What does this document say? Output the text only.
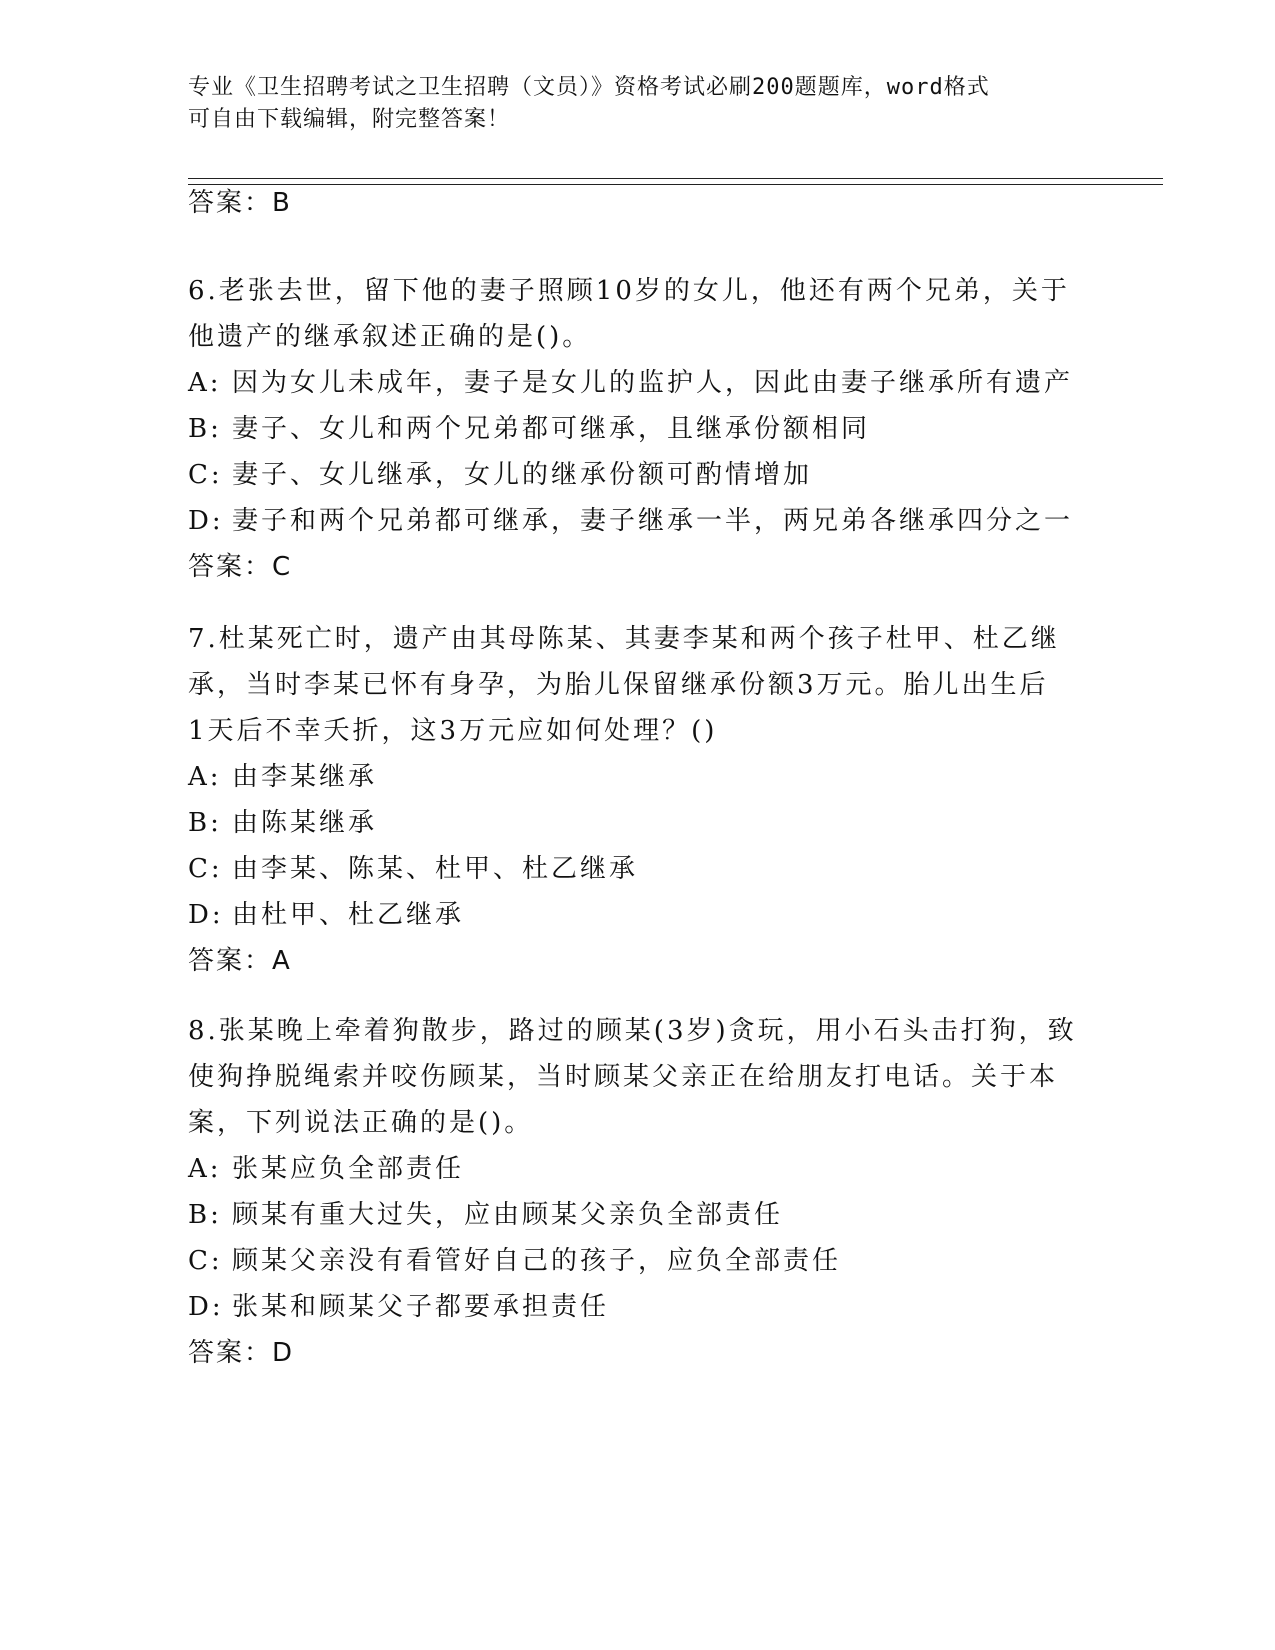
专业《卫生招聘考试之卫生招聘（文员）》资格考试必刷200题题库，word格式
可自由下载编辑，附完整答案！
答案：B
6.老张去世，留下他的妻子照顾10岁的女儿，他还有两个兄弟，关于
他遗产的继承叙述正确的是()。
A: 因为女儿未成年，妻子是女儿的监护人，因此由妻子继承所有遗产
B: 妻子、女儿和两个兄弟都可继承，且继承份额相同
C: 妻子、女儿继承，女儿的继承份额可酌情增加
D: 妻子和两个兄弟都可继承，妻子继承一半，两兄弟各继承四分之一
答案：C
7.杜某死亡时，遗产由其母陈某、其妻李某和两个孩子杜甲、杜乙继
承，当时李某已怀有身孕，为胎儿保留继承份额3万元。胎儿出生后
1天后不幸夭折，这3万元应如何处理？()
A: 由李某继承
B: 由陈某继承
C: 由李某、陈某、杜甲、杜乙继承
D: 由杜甲、杜乙继承
答案：A
8.张某晚上牵着狗散步，路过的顾某(3岁)贪玩，用小石头击打狗，致
使狗挣脱绳索并咬伤顾某，当时顾某父亲正在给朋友打电话。关于本
案，下列说法正确的是()。
A: 张某应负全部责任
B: 顾某有重大过失，应由顾某父亲负全部责任
C: 顾某父亲没有看管好自己的孩子，应负全部责任
D: 张某和顾某父子都要承担责任
答案：D
